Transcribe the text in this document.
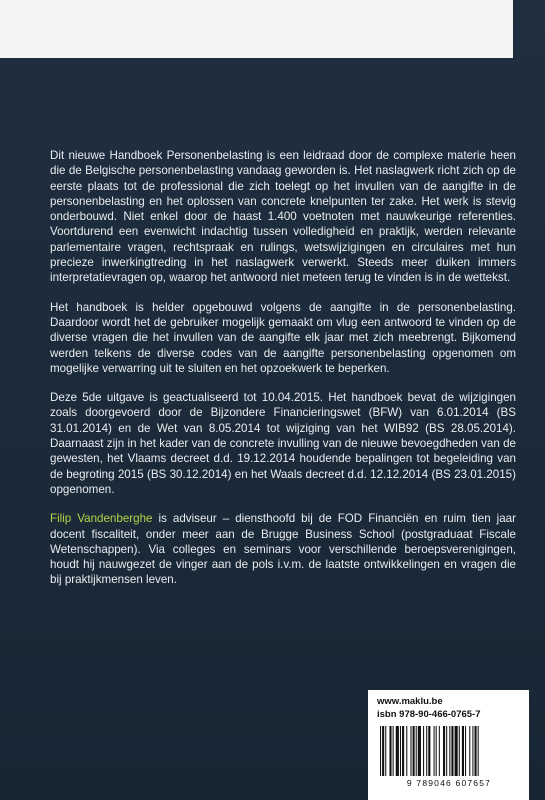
Dit nieuwe Handboek Personenbelasting is een leidraad door de complexe materie heen die de Belgische personenbelasting vandaag geworden is. Het naslagwerk richt zich op de eerste plaats tot de professional die zich toelegt op het invullen van de aangifte in de personenbelasting en het oplossen van concrete knelpunten ter zake. Het werk is stevig onderbouwd. Niet enkel door de haast 1.400 voetnoten met nauwkeurige referenties. Voortdurend een evenwicht indachtig tussen volledigheid en praktijk, werden relevante parlementaire vragen, rechtspraak en rulings, wetswijzigingen en circulaires met hun precieze inwerkingtreding in het naslagwerk verwerkt. Steeds meer duiken immers interpretatievragen op, waarop het antwoord niet meteen terug te vinden is in de wettekst.

Het handboek is helder opgebouwd volgens de aangifte in de personenbelasting. Daardoor wordt het de gebruiker mogelijk gemaakt om vlug een antwoord te vinden op de diverse vragen die het invullen van de aangifte elk jaar met zich meebrengt. Bijkomend werden telkens de diverse codes van de aangifte personenbelasting opgenomen om mogelijke verwarring uit te sluiten en het opzoekwerk te beperken.

Deze 5de uitgave is geactualiseerd tot 10.04.2015. Het handboek bevat de wijzigingen zoals doorgevoerd door de Bijzondere Financieringswet (BFW) van 6.01.2014 (BS 31.01.2014) en de Wet van 8.05.2014 tot wijziging van het WIB92 (BS 28.05.2014). Daarnaast zijn in het kader van de concrete invulling van de nieuwe bevoegdheden van de gewesten, het Vlaams decreet d.d. 19.12.2014 houdende bepalingen tot begeleiding van de begroting 2015 (BS 30.12.2014) en het Waals decreet d.d. 12.12.2014 (BS 23.01.2015) opgenomen.

Filip Vandenberghe is adviseur – diensthoofd bij de FOD Financiën en ruim tien jaar docent fiscaliteit, onder meer aan de Brugge Business School (postgraduaat Fiscale Wetenschappen). Via colleges en seminars voor verschillende beroepsverenigingen, houdt hij nauwgezet de vinger aan de pols i.v.m. de laatste ontwikkelingen en vragen die bij praktijkmensen leven.

www.maklu.be
isbn 978-90-466-0765-7
9 789046 607657
